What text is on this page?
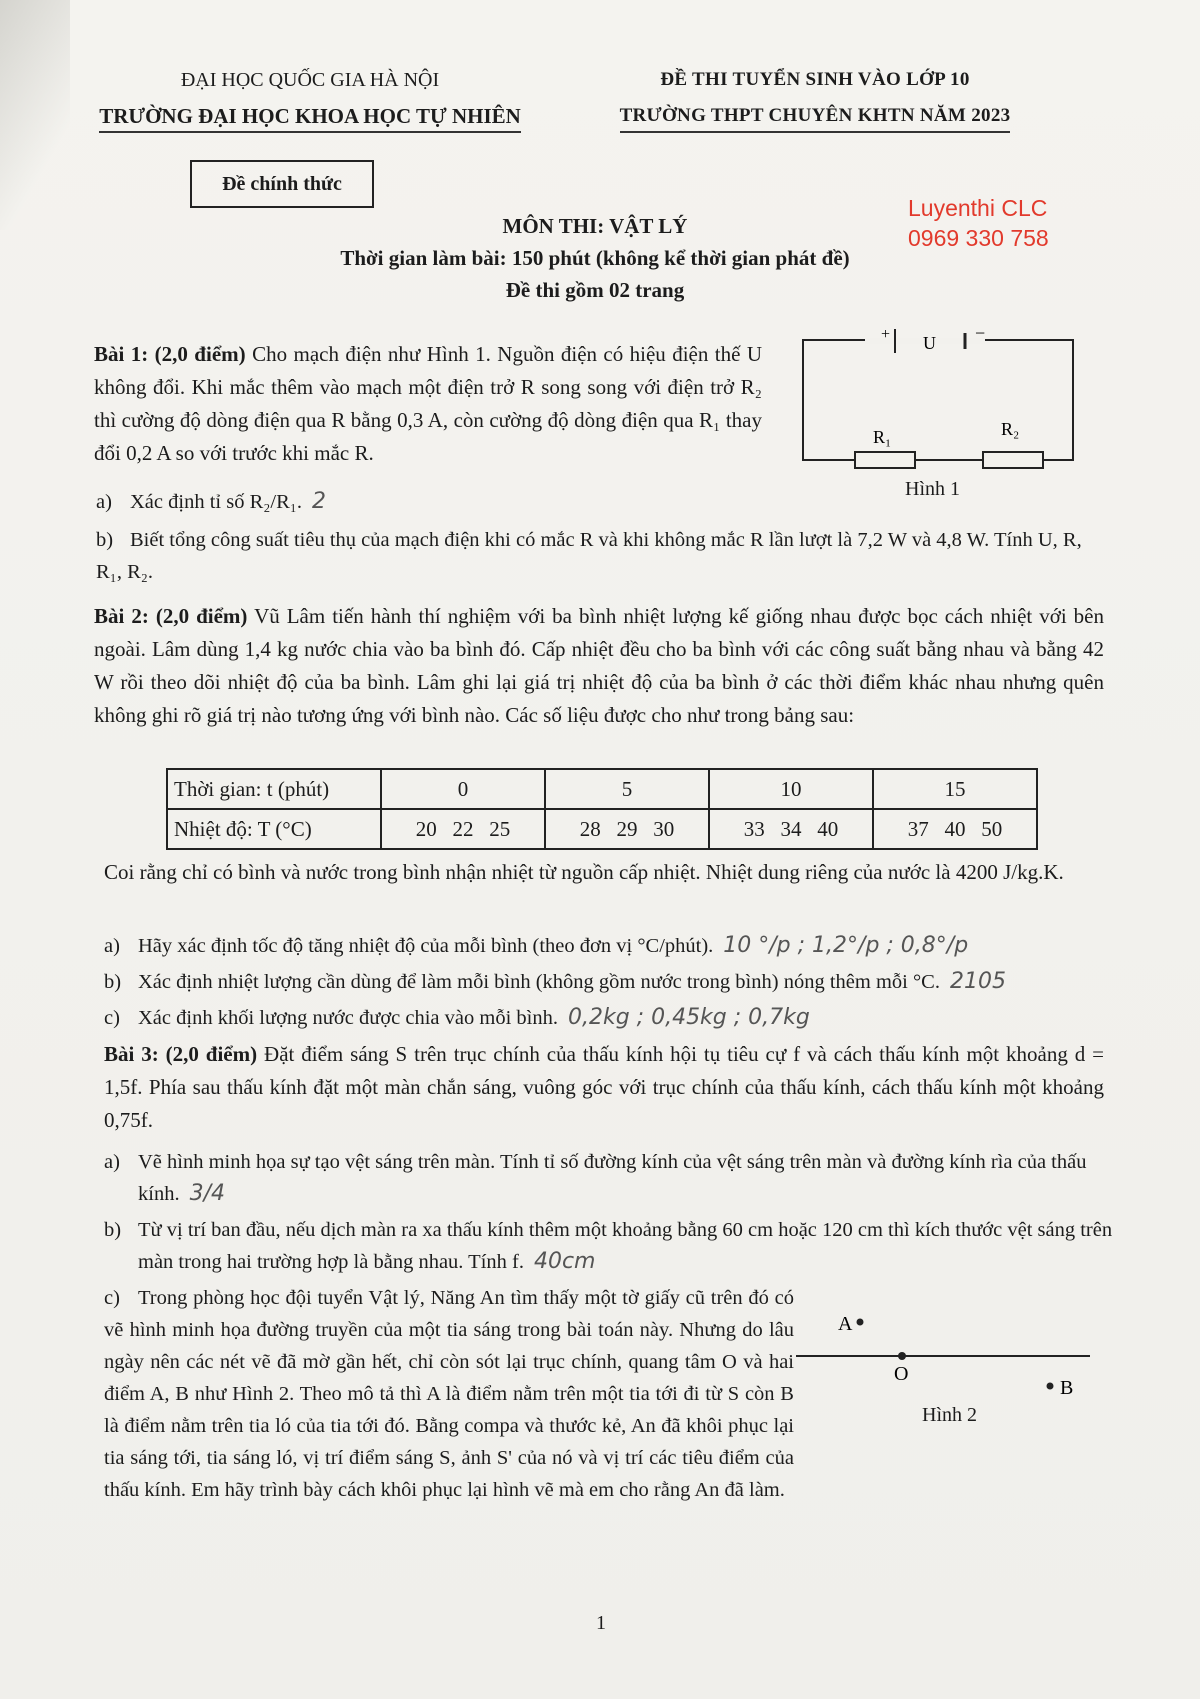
ĐẠI HỌC QUỐC GIA HÀ NỘI
TRƯỜNG ĐẠI HỌC KHOA HỌC TỰ NHIÊN
ĐỀ THI TUYỂN SINH VÀO LỚP 10
TRƯỜNG THPT CHUYÊN KHTN NĂM 2023
Đề chính thức
Luyenthi CLC
0969 330 758
MÔN THI: VẬT LÝ
Thời gian làm bài: 150 phút (không kể thời gian phát đề)
Đề thi gồm 02 trang
Bài 1: (2,0 điểm) Cho mạch điện như Hình 1. Nguồn điện có hiệu điện thế U không đổi. Khi mắc thêm vào mạch một điện trở R song song với điện trở R₂ thì cường độ dòng điện qua R bằng 0,3 A, còn cường độ dòng điện qua R₁ thay đổi 0,2 A so với trước khi mắc R.
+ U −
R₁	R₂
Hình 1
a) Xác định tỉ số R₂/R₁. 2
b) Biết tổng công suất tiêu thụ của mạch điện khi có mắc R và khi không mắc R lần lượt là 7,2 W và 4,8 W. Tính U, R, R₁, R₂.
Bài 2: (2,0 điểm) Vũ Lâm tiến hành thí nghiệm với ba bình nhiệt lượng kế giống nhau được bọc cách nhiệt với bên ngoài. Lâm dùng 1,4 kg nước chia vào ba bình đó. Cấp nhiệt đều cho ba bình với các công suất bằng nhau và bằng 42 W rồi theo dõi nhiệt độ của ba bình. Lâm ghi lại giá trị nhiệt độ của ba bình ở các thời điểm khác nhau nhưng quên không ghi rõ giá trị nào tương ứng với bình nào. Các số liệu được cho như trong bảng sau:
Thời gian: t (phút)	0	5	10	15
Nhiệt độ: T (°C)	20   22   25	28   29   30	33   34   40	37   40   50
Coi rằng chỉ có bình và nước trong bình nhận nhiệt từ nguồn cấp nhiệt. Nhiệt dung riêng của nước là 4200 J/kg.K.
a) Hãy xác định tốc độ tăng nhiệt độ của mỗi bình (theo đơn vị °C/phút). 10 °/p ; 1,2°/p ; 0,8°/p
b) Xác định nhiệt lượng cần dùng để làm mỗi bình (không gồm nước trong bình) nóng thêm mỗi °C. 2105
c) Xác định khối lượng nước được chia vào mỗi bình. 0,2kg ; 0,45kg ; 0,7kg
Bài 3: (2,0 điểm) Đặt điểm sáng S trên trục chính của thấu kính hội tụ tiêu cự f và cách thấu kính một khoảng d = 1,5f. Phía sau thấu kính đặt một màn chắn sáng, vuông góc với trục chính của thấu kính, cách thấu kính một khoảng 0,75f.
a) Vẽ hình minh họa sự tạo vệt sáng trên màn. Tính tỉ số đường kính của vệt sáng trên màn và đường kính rìa của thấu kính. 3/4
b) Từ vị trí ban đầu, nếu dịch màn ra xa thấu kính thêm một khoảng bằng 60 cm hoặc 120 cm thì kích thước vệt sáng trên màn trong hai trường hợp là bằng nhau. Tính f. 40cm
c) Trong phòng học đội tuyển Vật lý, Năng An tìm thấy một tờ giấy cũ trên đó có vẽ hình minh họa đường truyền của một tia sáng trong bài toán này. Nhưng do lâu ngày nên các nét vẽ đã mờ gần hết, chỉ còn sót lại trục chính, quang tâm O và hai điểm A, B như Hình 2. Theo mô tả thì A là điểm nằm trên một tia tới đi từ S còn B là điểm nằm trên tia ló của tia tới đó. Bằng compa và thước kẻ, An đã khôi phục lại tia sáng tới, tia sáng ló, vị trí điểm sáng S, ảnh S' của nó và vị trí các tiêu điểm của thấu kính. Em hãy trình bày cách khôi phục lại hình vẽ mà em cho rằng An đã làm.
A
O
B
Hình 2
1
